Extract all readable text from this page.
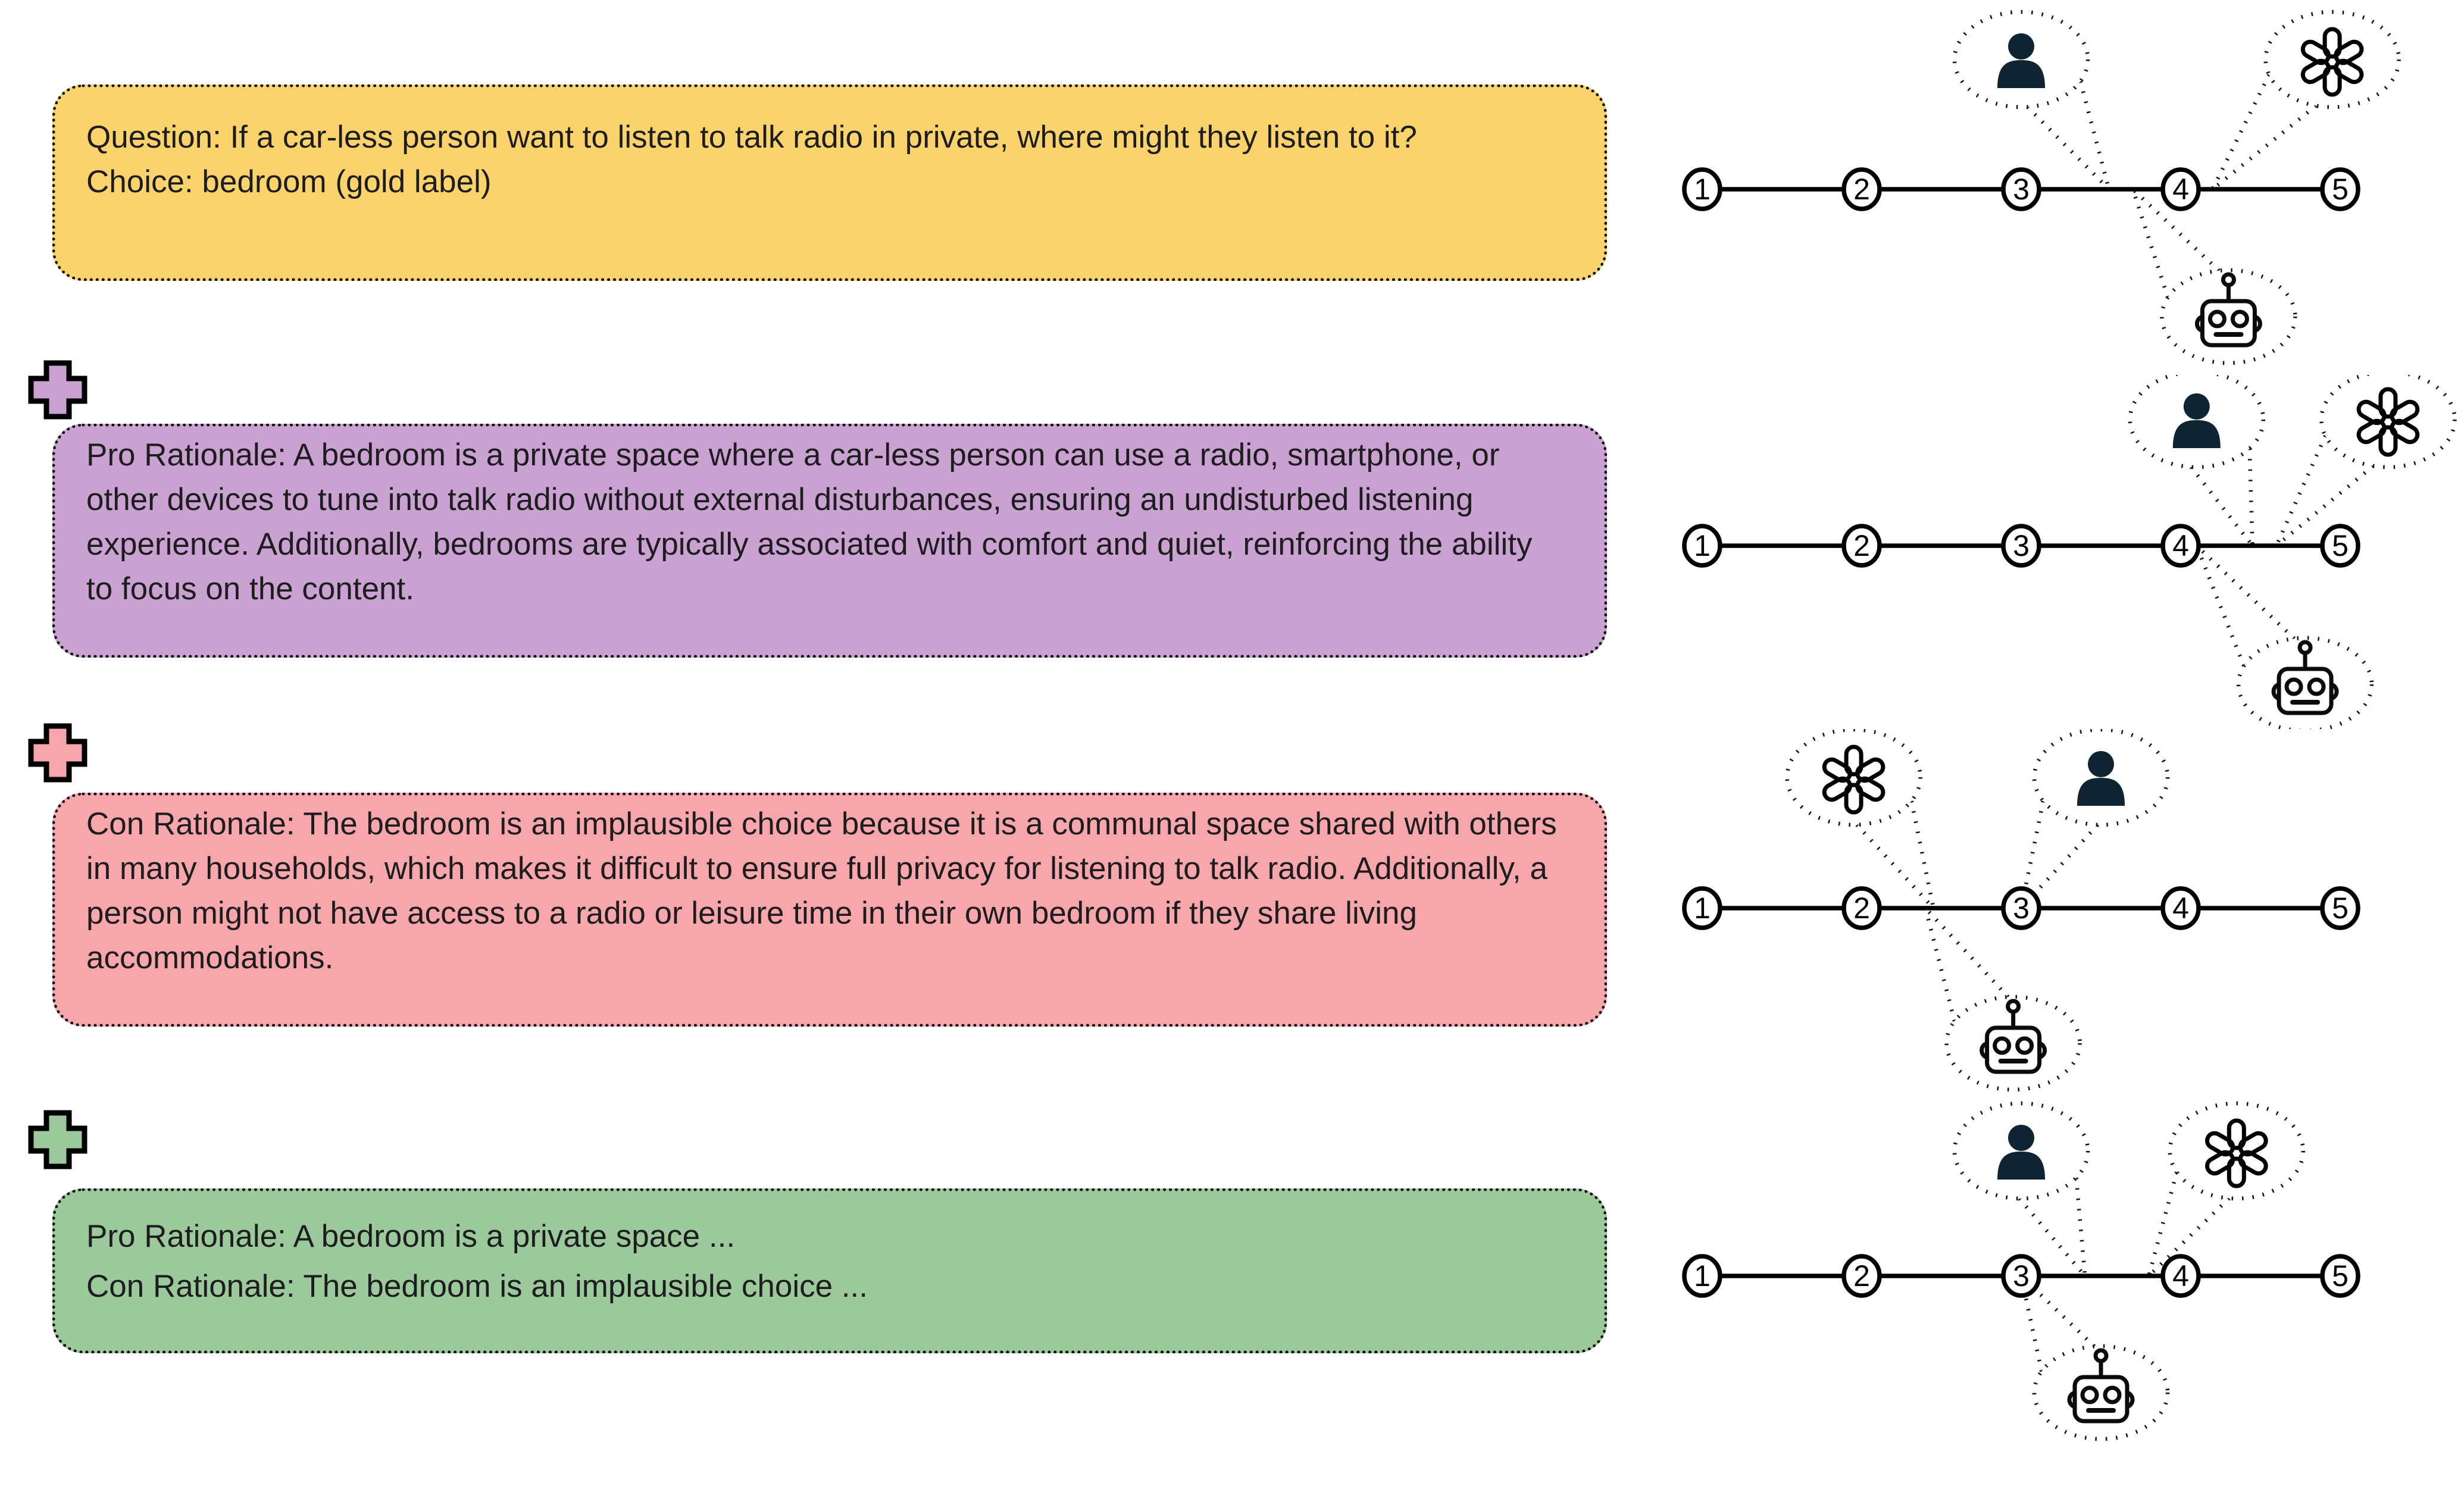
Question: If a car-less person want to listen to talk radio in private, where might they listen to it?
Choice: bedroom (gold label)
Pro Rationale: A bedroom is a private space where a car-less person can use a radio, smartphone, or other devices to tune into talk radio without external disturbances, ensuring an undisturbed listening experience. Additionally, bedrooms are typically associated with comfort and quiet, reinforcing the ability to focus on the content.
Con Rationale: The bedroom is an implausible choice because it is a communal space shared with others in many households, which makes it difficult to ensure full privacy for listening to talk radio. Additionally, a person might not have access to a radio or leisure time in their own bedroom if they share living accommodations.
Pro Rationale: A bedroom is a private space ...
Con Rationale: The bedroom is an implausible choice ...
1	2	3	4	5
1	2	3	4	5
1	2	3	4	5
1	2	3	4	5
